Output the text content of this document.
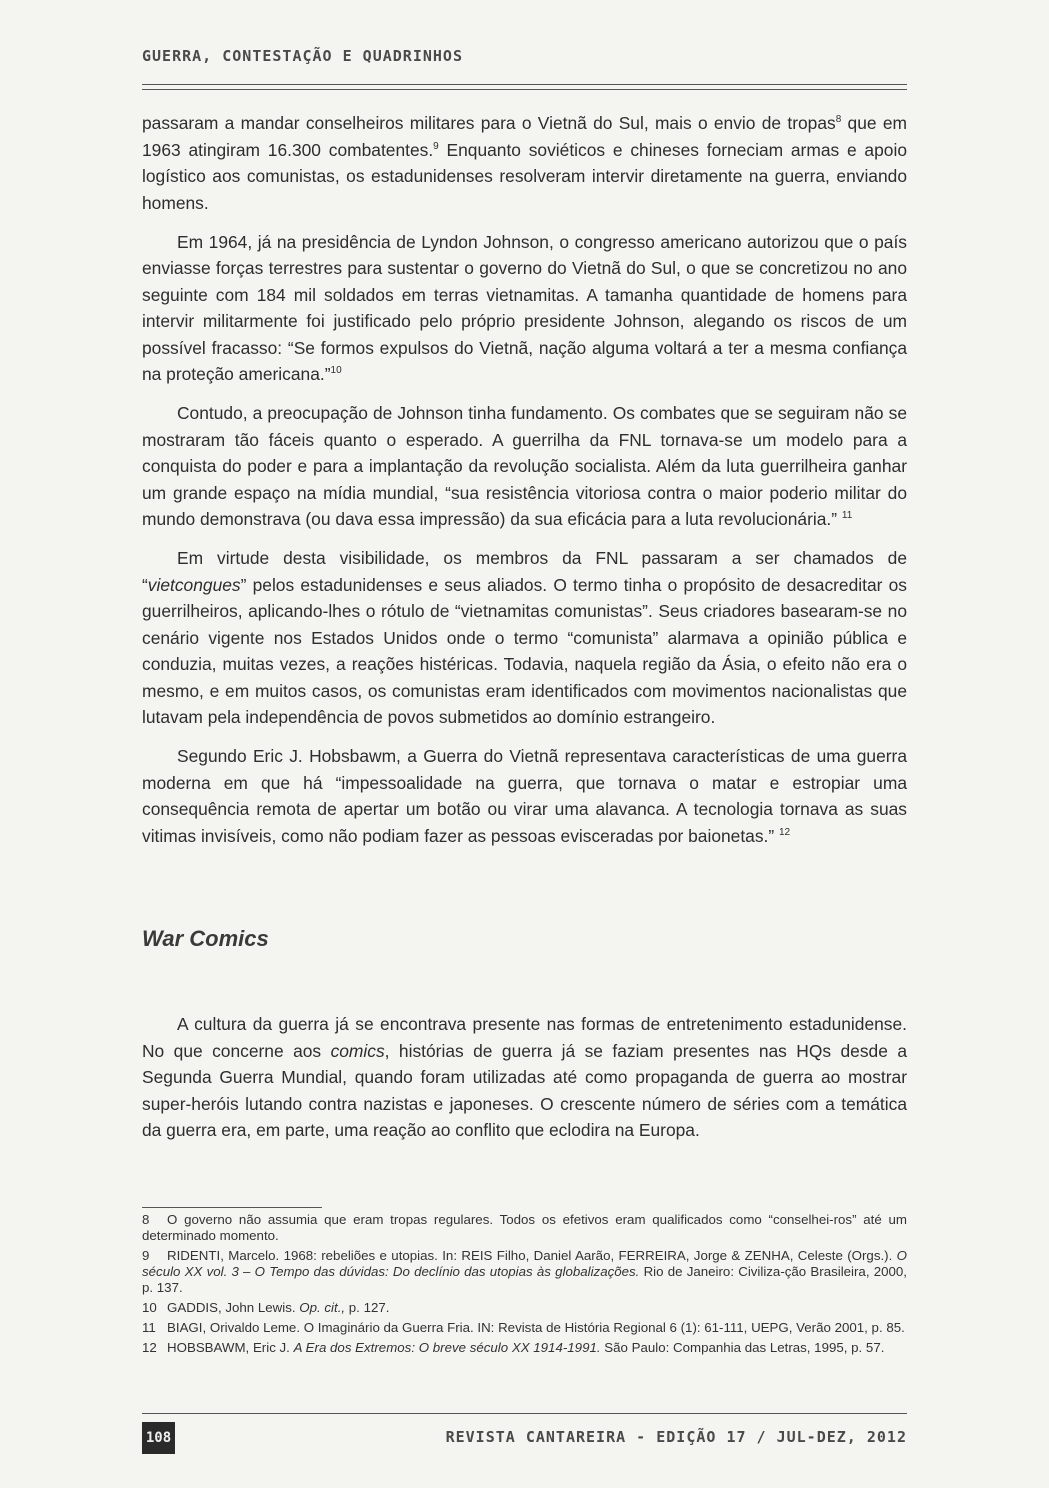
GUERRA, CONTESTAÇÃO E QUADRINHOS

passaram a mandar conselheiros militares para o Vietnã do Sul, mais o envio de tropas$^8$ que em 1963 atingiram 16.300 combatentes.$^9$ Enquanto soviéticos e chineses forneciam armas e apoio logístico aos comunistas, os estadunidenses resolveram intervir diretamente na guerra, enviando homens.

Em 1964, já na presidência de Lyndon Johnson, o congresso americano autorizou que o país enviasse forças terrestres para sustentar o governo do Vietnã do Sul, o que se concretizou no ano seguinte com 184 mil soldados em terras vietnamitas. A tamanha quantidade de homens para intervir militarmente foi justificado pelo próprio presidente Johnson, alegando os riscos de um possível fracasso: “Se formos expulsos do Vietnã, nação alguma voltará a ter a mesma confiança na proteção americana.”$^{10}$

Contudo, a preocupação de Johnson tinha fundamento. Os combates que se seguiram não se mostraram tão fáceis quanto o esperado. A guerrilha da FNL tornava-se um modelo para a conquista do poder e para a implantação da revolução socialista. Além da luta guerrilheira ganhar um grande espaço na mídia mundial, “sua resistência vitoriosa contra o maior poderio militar do mundo demonstrava (ou dava essa impressão) da sua eficácia para a luta revolucionária.” $^{11}$

Em virtude desta visibilidade, os membros da FNL passaram a ser chamados de “vietcongues” pelos estadunidenses e seus aliados. O termo tinha o propósito de desacreditar os guerrilheiros, aplicando-lhes o rótulo de “vietnamitas comunistas”. Seus criadores basearam-se no cenário vigente nos Estados Unidos onde o termo “comunista” alarmava a opinião pública e conduzia, muitas vezes, a reações histéricas. Todavia, naquela região da Ásia, o efeito não era o mesmo, e em muitos casos, os comunistas eram identificados com movimentos nacionalistas que lutavam pela independência de povos submetidos ao domínio estrangeiro.

Segundo Eric J. Hobsbawm, a Guerra do Vietnã representava características de uma guerra moderna em que há “impessoalidade na guerra, que tornava o matar e estropiar uma consequência remota de apertar um botão ou virar uma alavanca. A tecnologia tornava as suas vitimas invisíveis, como não podiam fazer as pessoas evisceradas por baionetas.” $^{12}$

War Comics

A cultura da guerra já se encontrava presente nas formas de entretenimento estadunidense. No que concerne aos comics, histórias de guerra já se faziam presentes nas HQs desde a Segunda Guerra Mundial, quando foram utilizadas até como propaganda de guerra ao mostrar super-heróis lutando contra nazistas e japoneses. O crescente número de séries com a temática da guerra era, em parte, uma reação ao conflito que eclodira na Europa.

8 O governo não assumia que eram tropas regulares. Todos os efetivos eram qualificados como “conselhei-ros” até um determinado momento.
9 RIDENTI, Marcelo. 1968: rebeliões e utopias. In: REIS Filho, Daniel Aarão, FERREIRA, Jorge & ZENHA, Celeste (Orgs.). O século XX vol. 3 – O Tempo das dúvidas: Do declínio das utopias às globalizações. Rio de Janeiro: Civiliza-ção Brasileira, 2000, p. 137.
10 GADDIS, John Lewis. Op. cit., p. 127.
11 BIAGI, Orivaldo Leme. O Imaginário da Guerra Fria. IN: Revista de História Regional 6 (1): 61-111, UEPG, Verão 2001, p. 85.
12 HOBSBAWM, Eric J. A Era dos Extremos: O breve século XX 1914-1991. São Paulo: Companhia das Letras, 1995, p. 57.
108	REVISTA CANTAREIRA - EDIÇÃO 17 / JUL-DEZ, 2012
